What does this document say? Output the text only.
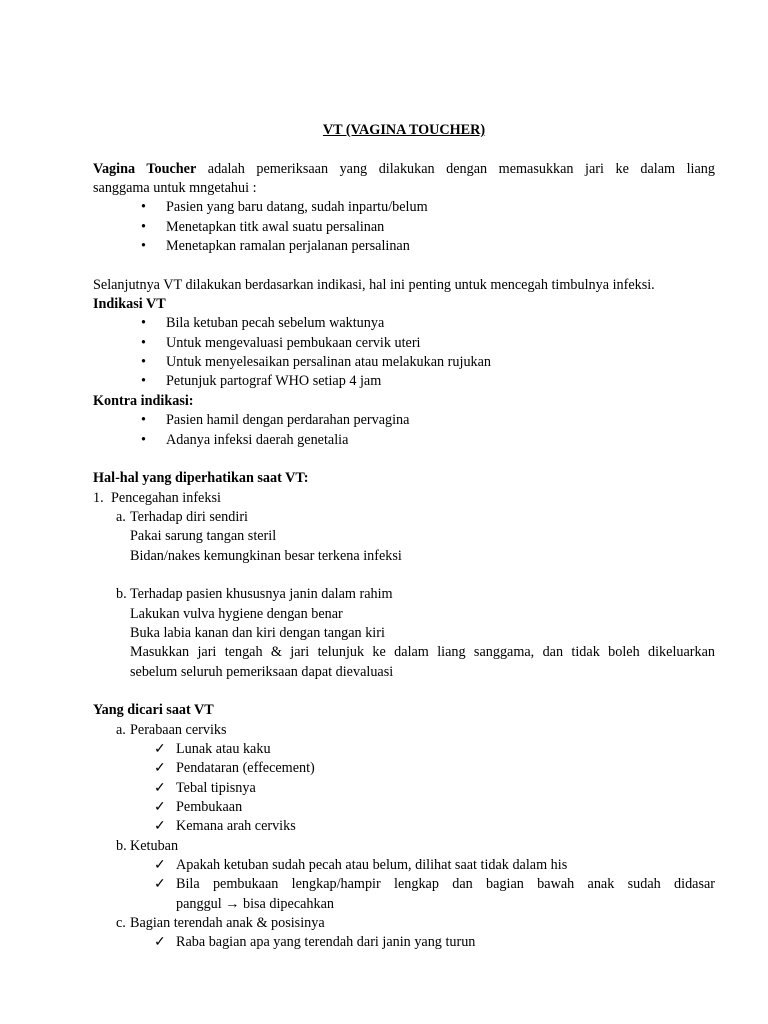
VT (VAGINA TOUCHER)

Vagina Toucher adalah pemeriksaan yang dilakukan dengan memasukkan jari ke dalam liang

sanggama untuk mngetahui :

• Pasien yang baru datang, sudah inpartu/belum
• Menetapkan titk awal suatu persalinan
• Menetapkan ramalan perjalanan persalinan

Selanjutnya VT dilakukan berdasarkan indikasi, hal ini penting untuk mencegah timbulnya infeksi.

Indikasi VT

• Bila ketuban pecah sebelum waktunya
• Untuk mengevaluasi pembukaan cervik uteri
• Untuk menyelesaikan persalinan atau melakukan rujukan
• Petunjuk partograf WHO setiap 4 jam

Kontra indikasi:

• Pasien hamil dengan perdarahan pervagina
• Adanya infeksi daerah genetalia

Hal-hal yang diperhatikan saat VT:

1. Pencegahan infeksi

a. Terhadap diri sendiri

Pakai sarung tangan steril

Bidan/nakes kemungkinan besar terkena infeksi

b. Terhadap pasien khususnya janin dalam rahim

Lakukan vulva hygiene dengan benar

Buka labia kanan dan kiri dengan tangan kiri

Masukkan jari tengah & jari telunjuk ke dalam liang sanggama, dan tidak boleh dikeluarkan

sebelum seluruh pemeriksaan dapat dievaluasi

Yang dicari saat VT

a. Perabaan cerviks

✓ Lunak atau kaku
✓ Pendataran (effecement)
✓ Tebal tipisnya
✓ Pembukaan
✓ Kemana arah cerviks

b. Ketuban

✓ Apakah ketuban sudah pecah atau belum, dilihat saat tidak dalam his
✓ Bila pembukaan lengkap/hampir lengkap dan bagian bawah anak sudah didasar
panggul → bisa dipecahkan

c. Bagian terendah anak & posisinya

✓ Raba bagian apa yang terendah dari janin yang turun
